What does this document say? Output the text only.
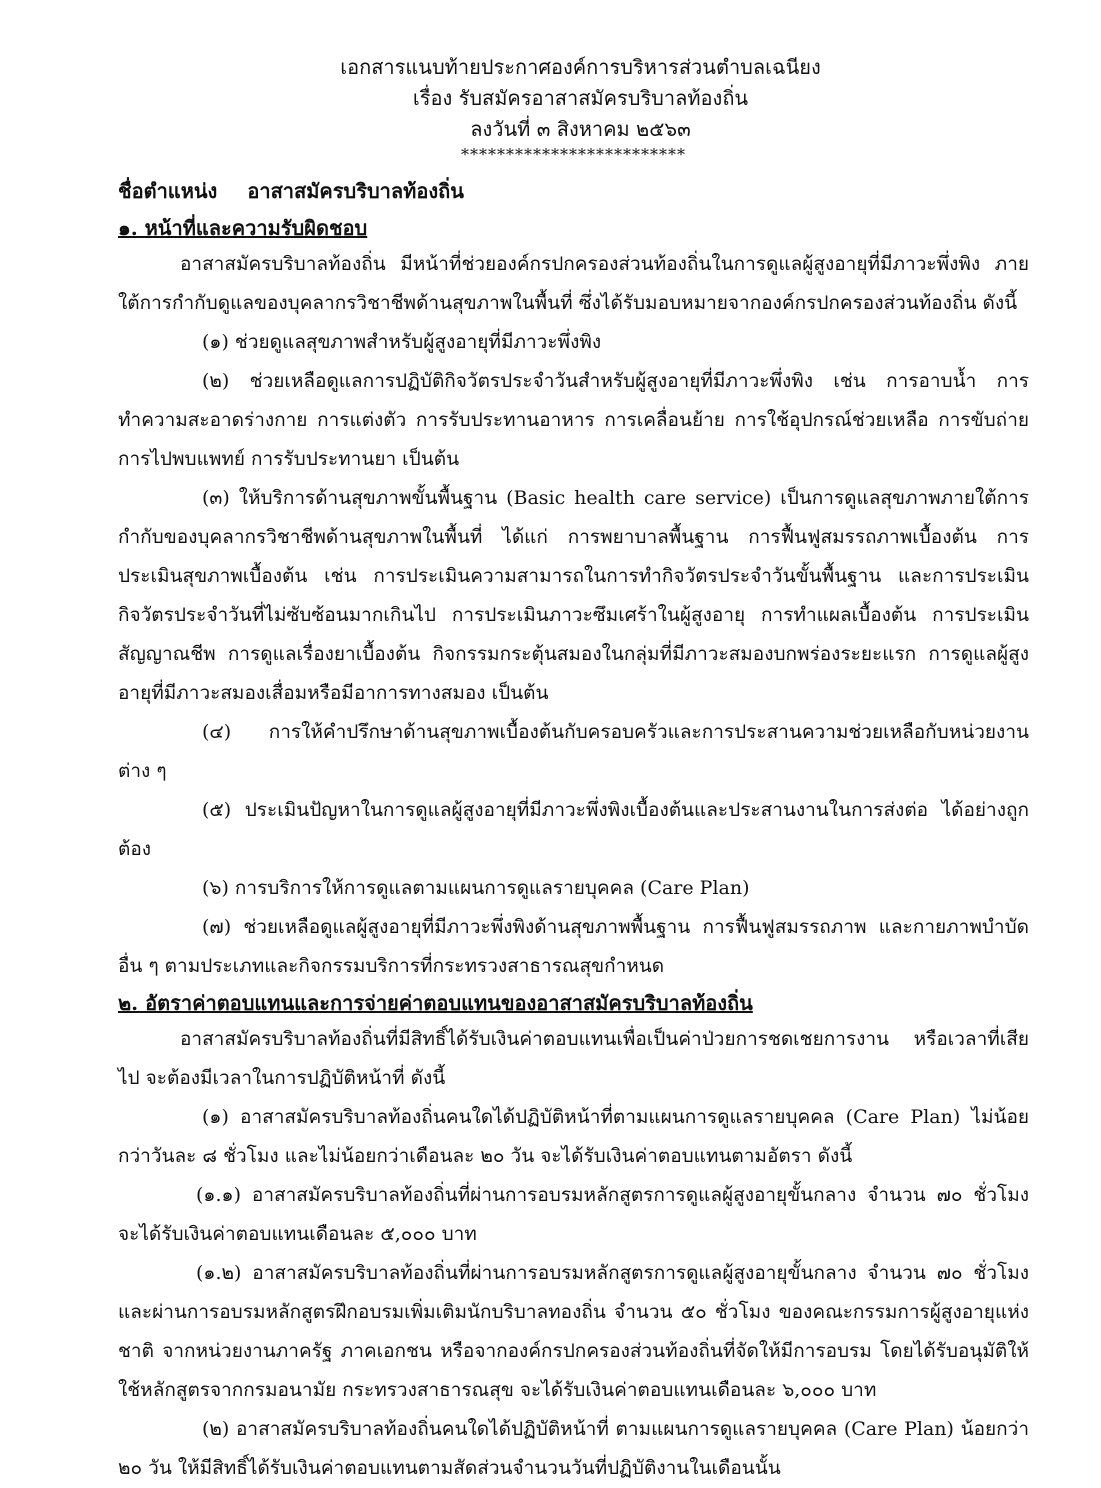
เอกสารแนบท้ายประกาศองค์การบริหารส่วนตำบลเฉนียง
เรื่อง รับสมัครอาสาสมัครบริบาลท้องถิ่น
ลงวันที่ ๓ สิงหาคม ๒๕๖๓
*************************
ชื่อตำแหน่ง อาสาสมัครบริบาลท้องถิ่น
๑. หน้าที่และความรับผิดชอบ

อาสาสมัครบริบาลท้องถิ่น มีหน้าที่ช่วยองค์กรปกครองส่วนท้องถิ่นในการดูแลผู้สูงอายุที่มีภาวะพึ่งพิง ภายใต้การกำกับดูแลของบุคลากรวิชาชีพด้านสุขภาพในพื้นที่ ซึ่งได้รับมอบหมายจากองค์กรปกครองส่วนท้องถิ่น ดังนี้

(๑) ช่วยดูแลสุขภาพสำหรับผู้สูงอายุที่มีภาวะพึ่งพิง

(๒) ช่วยเหลือดูแลการปฏิบัติกิจวัตรประจำวันสำหรับผู้สูงอายุที่มีภาวะพึ่งพิง เช่น การอาบน้ำ การทำความสะอาดร่างกาย การแต่งตัว การรับประทานอาหาร การเคลื่อนย้าย การใช้อุปกรณ์ช่วยเหลือ การขับถ่าย การไปพบแพทย์ การรับประทานยา เป็นต้น

(๓) ให้บริการด้านสุขภาพขั้นพื้นฐาน (Basic health care service) เป็นการดูแลสุขภาพภายใต้การกำกับของบุคลากรวิชาชีพด้านสุขภาพในพื้นที่ ได้แก่ การพยาบาลพื้นฐาน การฟื้นฟูสมรรถภาพเบื้องต้น การประเมินสุขภาพเบื้องต้น เช่น การประเมินความสามารถในการทำกิจวัตรประจำวันขั้นพื้นฐาน และการประเมินกิจวัตรประจำวันที่ไม่ซับซ้อนมากเกินไป การประเมินภาวะซึมเศร้าในผู้สูงอายุ การทำแผลเบื้องต้น การประเมินสัญญาณชีพ การดูแลเรื่องยาเบื้องต้น กิจกรรมกระตุ้นสมองในกลุ่มที่มีภาวะสมองบกพร่องระยะแรก การดูแลผู้สูงอายุที่มีภาวะสมองเสื่อมหรือมีอาการทางสมอง เป็นต้น

(๔) การให้คำปรึกษาด้านสุขภาพเบื้องต้นกับครอบครัวและการประสานความช่วยเหลือกับหน่วยงานต่าง ๆ

(๕) ประเมินปัญหาในการดูแลผู้สูงอายุที่มีภาวะพึ่งพิงเบื้องต้นและประสานงานในการส่งต่อ ได้อย่างถูกต้อง

(๖) การบริการให้การดูแลตามแผนการดูแลรายบุคคล (Care Plan)

(๗) ช่วยเหลือดูแลผู้สูงอายุที่มีภาวะพึ่งพิงด้านสุขภาพพื้นฐาน การฟื้นฟูสมรรถภาพ และกายภาพบำบัดอื่น ๆ ตามประเภทและกิจกรรมบริการที่กระทรวงสาธารณสุขกำหนด

๒. อัตราค่าตอบแทนและการจ่ายค่าตอบแทนของอาสาสมัครบริบาลท้องถิ่น

อาสาสมัครบริบาลท้องถิ่นที่มีสิทธิ์ได้รับเงินค่าตอบแทนเพื่อเป็นค่าป่วยการชดเชยการงาน หรือเวลาที่เสียไป จะต้องมีเวลาในการปฏิบัติหน้าที่ ดังนี้

(๑) อาสาสมัครบริบาลท้องถิ่นคนใดได้ปฏิบัติหน้าที่ตามแผนการดูแลรายบุคคล (Care Plan) ไม่น้อยกว่าวันละ ๘ ชั่วโมง และไม่น้อยกว่าเดือนละ ๒๐ วัน จะได้รับเงินค่าตอบแทนตามอัตรา ดังนี้

(๑.๑) อาสาสมัครบริบาลท้องถิ่นที่ผ่านการอบรมหลักสูตรการดูแลผู้สูงอายุขั้นกลาง จำนวน ๗๐ ชั่วโมง จะได้รับเงินค่าตอบแทนเดือนละ ๕,๐๐๐ บาท

(๑.๒) อาสาสมัครบริบาลท้องถิ่นที่ผ่านการอบรมหลักสูตรการดูแลผู้สูงอายุขั้นกลาง จำนวน ๗๐ ชั่วโมง และผ่านการอบรมหลักสูตรฝึกอบรมเพิ่มเติมนักบริบาลทองถิ่น จำนวน ๕๐ ชั่วโมง ของคณะกรรมการผู้สูงอายุแห่งชาติ จากหน่วยงานภาครัฐ ภาคเอกชน หรือจากองค์กรปกครองส่วนท้องถิ่นที่จัดให้มีการอบรม โดยได้รับอนุมัติให้ใช้หลักสูตรจากกรมอนามัย กระทรวงสาธารณสุข จะได้รับเงินค่าตอบแทนเดือนละ ๖,๐๐๐ บาท

(๒) อาสาสมัครบริบาลท้องถิ่นคนใดได้ปฏิบัติหน้าที่ ตามแผนการดูแลรายบุคคล (Care Plan) น้อยกว่า ๒๐ วัน ให้มีสิทธิ์ได้รับเงินค่าตอบแทนตามสัดส่วนจำนวนวันที่ปฏิบัติงานในเดือนนั้น
